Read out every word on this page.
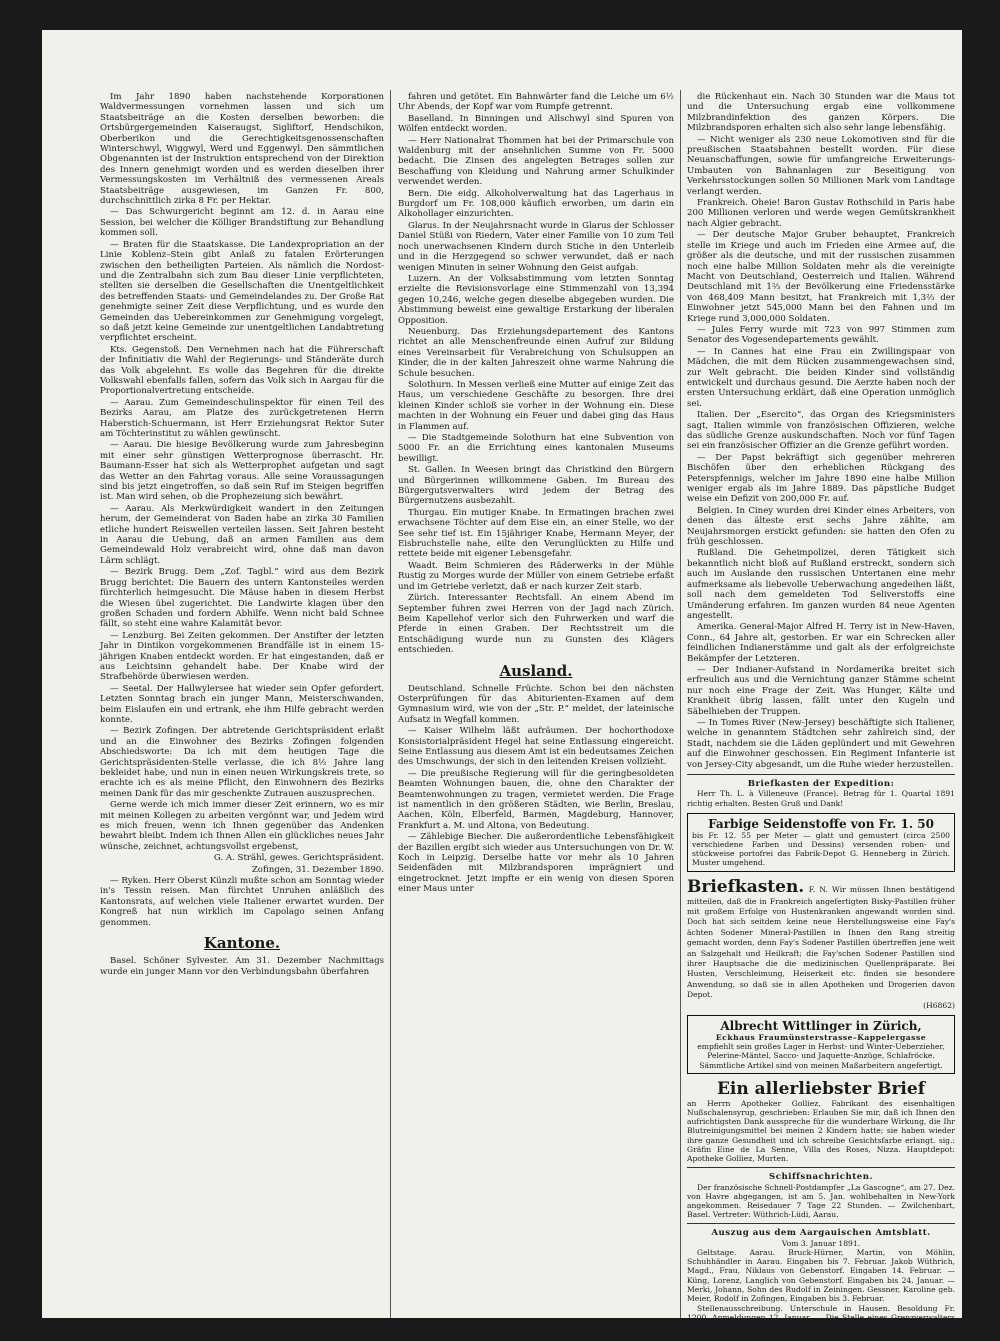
Im Jahr 1890 haben nachstehende Korporationen Waldvermessungen vornehmen lassen und sich um Staatsbeiträge an die Kosten derselben beworben: die Ortsbürgergemeinden Kaiseraugst, Sigliftorf, Hendschikon, Oberberikon und die Gerechtigkeitsgenossenschaften Winterschwyl, Wiggwyl, Werd und Eggenwyl. Den sämmtlichen Obgenannten ist der Instruktion entsprechend von der Direktion des Innern genehmigt worden und es werden dieselben ihrer Vermessungskosten im Verhältniß des vermessenen Areals Staatsbeiträge ausgewiesen, im Ganzen Fr. 800, durchschnittlich zirka 8 Fr. per Hektar.

— Das Schwurgericht beginnt am 12. d. in Aarau eine Session, bei welcher die Kölliger Brandstiftung zur Behandlung kommen soll.

— Braten für die Staatskasse. Die Landexpropriation an der Linie Koblenz–Stein gibt Anlaß zu fatalen Erörterungen zwischen den betheiligten Parteien. Als nämlich die Nordost- und die Zentralbahn sich zum Bau dieser Linie verpflichteten, stellten sie derselben die Gesellschaften die Unentgeltlichkeit des betreffenden Staats- und Gemeindelandes zu. Der Große Rat genehmigte seiner Zeit diese Verpflichtung, und es wurde den Gemeinden das Uebereinkommen zur Genehmigung vorgelegt, so daß jetzt keine Gemeinde zur unentgeltlichen Landabtretung verpflichtet erscheint.

Kts. Gegenstoß. Den Vernehmen nach hat die Führerschaft der Infinitiativ die Wahl der Regierungs- und Ständeräte durch das Volk abgelehnt. Es wolle das Begehren für die direkte Volkswahl ebenfalls fallen, sofern das Volk sich in Aargau für die Proportionalvertretung entscheide.

— Aarau. Zum Gemeindeschulinspektor für einen Teil des Bezirks Aarau, am Platze des zurückgetretenen Herrn Haberstich-Schuermann, ist Herr Erziehungsrat Rektor Suter am Töchterinstitut zu wählen gewünscht.

— Aarau. Die hiesige Bevölkerung wurde zum Jahresbeginn mit einer sehr günstigen Wetterprognose überrascht. Hr. Baumann-Esser hat sich als Wetterprophet aufgetan und sagt das Wetter an den Fahrtag voraus. Alle seine Voraussagungen sind bis jetzt eingetroffen, so daß sein Ruf im Steigen begriffen ist. Man wird sehen, ob die Prophezeiung sich bewährt.

— Aarau. Als Merkwürdigkeit wandert in den Zeitungen herum, der Gemeinderat von Baden habe an zirka 30 Familien etliche hundert Reiswellen verteilen lassen. Seit Jahren besteht in Aarau die Uebung, daß an armen Familien aus dem Gemeindewald Holz verabreicht wird, ohne daß man davon Lärm schlägt.

— Bezirk Brugg. Dem „Zof. Tagbl.“ wird aus dem Bezirk Brugg berichtet: Die Bauern des untern Kantonsteiles werden fürchterlich heimgesucht. Die Mäuse haben in diesem Herbst die Wiesen übel zugerichtet. Die Landwirte klagen über den großen Schaden und fordern Abhilfe. Wenn nicht bald Schnee fällt, so steht eine wahre Kalamität bevor.

— Lenzburg. Bei Zeiten gekommen. Der Anstifter der letzten Jahr in Dintikon vorgekommenen Brandfälle ist in einem 15-jährigen Knaben entdeckt worden. Er hat eingestanden, daß er aus Leichtsinn gehandelt habe. Der Knabe wird der Strafbehörde überwiesen werden.

— Seetal. Der Hallwylersee hat wieder sein Opfer gefordert. Letzten Sonntag brach ein junger Mann, Meisterschwanden, beim Eislaufen ein und ertrank, ehe ihm Hilfe gebracht werden konnte.

— Bezirk Zofingen. Der abtretende Gerichtspräsident erlaßt und an die Einwohner des Bezirks Zofingen folgenden Abschiedsworte: Da ich mit dem heutigen Tage die Gerichtspräsidenten-Stelle verlasse, die ich 8½ Jahre lang bekleidet habe, und nun in einen neuen Wirkungskreis trete, so erachte ich es als meine Pflicht, den Einwohnern des Bezirks meinen Dank für das mir geschenkte Zutrauen auszusprechen.

Gerne werde ich mich immer dieser Zeit erinnern, wo es mir mit meinen Kollegen zu arbeiten vergönnt war, und Jedem wird es mich freuen, wenn ich Ihnen gegenüber das Andenken bewahrt bleibt. Indem ich Ihnen Allen ein glückliches neues Jahr wünsche, zeichnet, achtungsvollst ergebenst,

G. A. Strähl, gewes. Gerichtspräsident.

Zofingen, 31. Dezember 1890.

— Ryken. Herr Oberst Künzli mußte schon am Sonntag wieder in's Tessin reisen. Man fürchtet Unruhen anläßlich des Kantonsrats, auf welchen viele Italiener erwartet wurden. Der Kongreß hat nun wirklich im Capolago seinen Anfang genommen.

Kantone.

Basel. Schöner Sylvester. Am 31. Dezember Nachmittags wurde ein junger Mann vor den Verbindungsbahn überfahren

fahren und getötet. Ein Bahnwärter fand die Leiche um 6½ Uhr Abends, der Kopf war vom Rumpfe getrennt.

Baselland. In Binningen und Allschwyl sind Spuren von Wölfen entdeckt worden.

— Herr Nationalrat Thommen hat bei der Primarschule von Waldenburg mit der ansehnlichen Summe von Fr. 5000 bedacht. Die Zinsen des angelegten Betrages sollen zur Beschaffung von Kleidung und Nahrung armer Schulkinder verwendet werden.

Bern. Die eidg. Alkoholverwaltung hat das Lagerhaus in Burgdorf um Fr. 108,000 käuflich erworben, um darin ein Alkohollager einzurichten.

Glarus. In der Neujahrsnacht wurde in Glarus der Schlosser Daniel Stüßi von Riedern, Vater einer Familie von 10 zum Teil noch unerwachsenen Kindern durch Stiche in den Unterleib und in die Herzgegend so schwer verwundet, daß er nach wenigen Minuten in seiner Wohnung den Geist aufgab.

Luzern. An der Volksabstimmung vom letzten Sonntag erzielte die Revisionsvorlage eine Stimmenzahl von 13,394 gegen 10,246, welche gegen dieselbe abgegeben wurden. Die Abstimmung beweist eine gewaltige Erstarkung der liberalen Opposition.

Neuenburg. Das Erziehungsdepartement des Kantons richtet an alle Menschenfreunde einen Aufruf zur Bildung eines Vereinsarbeit für Verabreichung von Schulsuppen an Kinder, die in der kalten Jahreszeit ohne warme Nahrung die Schule besuchen.

Solothurn. In Messen verließ eine Mutter auf einige Zeit das Haus, um verschiedene Geschäfte zu besorgen. Ihre drei kleinen Kinder schloß sie vorher in der Wohnung ein. Diese machten in der Wohnung ein Feuer und dabei ging das Haus in Flammen auf.

— Die Stadtgemeinde Solothurn hat eine Subvention von 5000 Fr. an die Errichtung eines kantonalen Museums bewilligt.

St. Gallen. In Weesen bringt das Christkind den Bürgern und Bürgerinnen willkommene Gaben. Im Bureau des Bürgergutsverwalters wird jedem der Betrag des Bürgernutzens ausbezahlt.

Thurgau. Ein mutiger Knabe. In Ermatingen brachen zwei erwachsene Töchter auf dem Eise ein, an einer Stelle, wo der See sehr tief ist. Ein 15jähriger Knabe, Hermann Meyer, der Eisbruchstelle nahe, eilte den Verunglückten zu Hilfe und rettete beide mit eigener Lebensgefahr.

Waadt. Beim Schmieren des Räderwerks in der Mühle Rustig zu Morges wurde der Müller von einem Getriebe erfaßt und im Getriebe verletzt, daß er nach kurzer Zeit starb.

Zürich. Interessanter Rechtsfall. An einem Abend im September fuhren zwei Herren von der Jagd nach Zürich. Beim Kapellehof verlor sich den Fuhrwerken und warf die Pferde in einen Graben. Der Rechtsstreit um die Entschädigung wurde nun zu Gunsten des Klägers entschieden.

Ausland.

Deutschland. Schnelle Früchte. Schon bei den nächsten Osterprüfungen für das Abiturienten-Examen auf dem Gymnasium wird, wie von der „Str. P.“ meldet, der lateinische Aufsatz in Wegfall kommen.

— Kaiser Wilhelm läßt aufräumen. Der hochorthodoxe Konsistorialpräsident Hegel hat seine Entlassung eingereicht. Seine Entlassung aus diesem Amt ist ein bedeutsames Zeichen des Umschwungs, der sich in den leitenden Kreisen vollzieht.

— Die preußische Regierung will für die geringbesoldeten Beamten Wohnungen bauen, die, ohne den Charakter der Beamtenwohnungen zu tragen, vermietet werden. Die Frage ist namentlich in den größeren Städten, wie Berlin, Breslau, Aachen, Köln, Elberfeld, Barmen, Magdeburg, Hannover, Frankfurt a. M. und Altona, von Bedeutung.

— Zählebige Biecher. Die außerordentliche Lebensfähigkeit der Bazillen ergibt sich wieder aus Untersuchungen von Dr. W. Koch in Leipzig. Derselbe hatte vor mehr als 10 Jahren Seidenfäden mit Milzbrandsporen imprägniert und eingetrocknet. Jetzt impfte er ein wenig von diesen Sporen einer Maus unter

die Rückenhaut ein. Nach 30 Stunden war die Maus tot und die Untersuchung ergab eine vollkommene Milzbrandinfektion des ganzen Körpers. Die Milzbrandsporen erhalten sich also sehr lange lebensfähig.

— Nicht weniger als 230 neue Lokomotiven sind für die preußischen Staatsbahnen bestellt worden. Für diese Neuanschaffungen, sowie für umfangreiche Erweiterungs-Umbauten von Bahnanlagen zur Beseitigung von Verkehrsstockungen sollen 50 Millionen Mark vom Landtage verlangt werden.

Frankreich. Oheie! Baron Gustav Rothschild in Paris habe 200 Millionen verloren und werde wegen Gemütskrankheit nach Algier gebracht.

— Der deutsche Major Gruber behauptet, Frankreich stelle im Kriege und auch im Frieden eine Armee auf, die größer als die deutsche, und mit der russischen zusammen noch eine halbe Million Soldaten mehr als die vereinigte Macht von Deutschland, Oesterreich und Italien. Während Deutschland mit 1⅔ der Bevölkerung eine Friedensstärke von 468,409 Mann besitzt, hat Frankreich mit 1,3⅔ der Einwohner jetzt 545,000 Mann bei den Fahnen und im Kriege rund 3,000,000 Soldaten.

— Jules Ferry wurde mit 723 von 997 Stimmen zum Senator des Vogesendepartements gewählt.

— In Cannes hat eine Frau ein Zwillingspaar von Mädchen, die mit dem Rücken zusammengewachsen sind, zur Welt gebracht. Die beiden Kinder sind vollständig entwickelt und durchaus gesund. Die Aerzte haben noch der ersten Untersuchung erklärt, daß eine Operation unmöglich sei.

Italien. Der „Esercito“, das Organ des Kriegsministers sagt, Italien wimmle von französischen Offizieren, welche das südliche Grenze auskundschaften. Noch vor fünf Tagen sei ein französischer Offizier an die Grenze geführt worden.

— Der Papst bekräftigt sich gegenüber mehreren Bischöfen über den erheblichen Rückgang des Peterspfennigs, welcher im Jahre 1890 eine halbe Million weniger ergab als im Jahre 1889. Das päpstliche Budget weise ein Defizit von 200,000 Fr. auf.

Belgien. In Ciney wurden drei Kinder eines Arbeiters, von denen das älteste erst sechs Jahre zählte, am Neujahrsmorgen erstickt gefunden: sie hatten den Ofen zu früh geschlossen.

Rußland. Die Geheimpolizei, deren Tätigkeit sich bekanntlich nicht bloß auf Rußland erstreckt, sondern sich auch im Auslande den russischen Untertanen eine mehr aufmerksame als liebevolle Ueberwachung angedeihen läßt, soll nach dem gemeldeten Tod Seliverstoffs eine Umänderung erfahren. Im ganzen wurden 84 neue Agenten angestellt.

Amerika. General-Major Alfred H. Terry ist in New-Haven, Conn., 64 Jahre alt, gestorben. Er war ein Schrecken aller feindlichen Indianerstämme und galt als der erfolgreichste Bekämpfer der Letzteren.

— Der Indianer-Aufstand in Nordamerika breitet sich erfreulich aus und die Vernichtung ganzer Stämme scheint nur noch eine Frage der Zeit. Was Hunger, Kälte und Krankheit übrig lassen, fällt unter den Kugeln und Säbelhieben der Truppen.

— In Tomes River (New-Jersey) beschäftigte sich Italiener, welche in genanntem Städtchen sehr zahlreich sind, der Stadt, nachdem sie die Läden geplündert und mit Gewehren auf die Einwohner geschossen. Ein Regiment Infanterie ist von Jersey-City abgesandt, um die Ruhe wieder herzustellen.

Briefkasten der Expedition:

Herr Th. L. à Villeneuve (France). Betrag für 1. Quartal 1891 richtig erhalten. Besten Gruß und Dank!

Farbige Seidenstoffe von Fr. 1. 50
bis Fr. 12. 55 per Meter — glatt und gemustert (circa 2500 verschiedene Farben und Dessins) versenden roben- und stückweise portofrei das Fabrik-Depot G. Henneberg in Zürich. Muster umgehend.
Briefkasten. F. N. Wir müssen Ihnen bestätigend mitteilen, daß die in Frankreich angefertigten Bisky-Pastillen früher mit großem Erfolge von Hustenkranken angewandt worden sind. Doch hat sich seitdem keine neue Herstellungsweise eine Fay's ächten Sodener Mineral-Pastillen in Ihnen den Rang streitig gemacht worden, denn Fay's Sodener Pastillen übertreffen jene weit an Salzgehalt und Heilkraft; die Fay'schen Sodener Pastillen sind ihrer Hauptsache die die medizinischen Quellenpräparate. Bei Husten, Verschleimung, Heiserkeit etc. finden sie besondere Anwendung, so daß sie in allen Apotheken und Drogerien davon Depot.
(H6862)
Albrecht Wittlinger in Zürich,
Eckhaus Fraumünsterstrasse–Kappelergasse
empfiehlt sein großes Lager in Herbst- und Winter-Ueberzieher, Pelerine-Mäntel, Sacco- und Jaquette-Anzüge, Schlafröcke. Sämmtliche Artikel sind von meinen Maßarbeitern angefertigt.
Ein allerliebster Brief
an Herrn Apotheker Golliez, Fabrikant des eisenhaltigen Nußschalensyrup, geschrieben: Erlauben Sie mir, daß ich Ihnen den aufrichtigsten Dank ausspreche für die wunderbare Wirkung, die Ihr Blutreinigungsmittel bei meinen 2 Kindern hatte; sie haben wieder ihre ganze Gesundheit und ich schreibe Gesichtsfarbe erlangt. sig.: Gräfin Eine de La Senne, Villa des Roses, Nizza. Hauptdepot: Apotheke Golliez, Murten.
Schiffsnachrichten.

Der französische Schnell-Postdampfer „La Gascogne“, am 27. Dez. von Havre abgegangen, ist am 5. Jan. wohlbehalten in New-York angekommen. Reisedauer 7 Tage 22 Stunden. — Zwilchenbart, Basel. Vertreter: Wüthrich-Lüdi, Aarau.

Auszug aus dem Aargauischen Amtsblatt.
Vom 3. Januar 1891.

Geltstage. Aarau. Bruck-Hürner, Martin, von Möhlin, Schuhhändler in Aarau. Eingaben bis 7. Februar. Jakob Wüthrich, Magd., Frau, Niklaus von Gebenstorf. Eingaben 14. Februar. — Küng, Lorenz, Langlich von Gebenstorf. Eingaben bis 24. Januar. — Merki, Johann, Sohn des Rudolf in Zeiningen. Gessner, Karoline geb. Meier, Rodolf in Zofingen, Eingaben bis 3. Februar.

Stellenausschreibung. Unterschule in Hausen. Besoldung Fr.
